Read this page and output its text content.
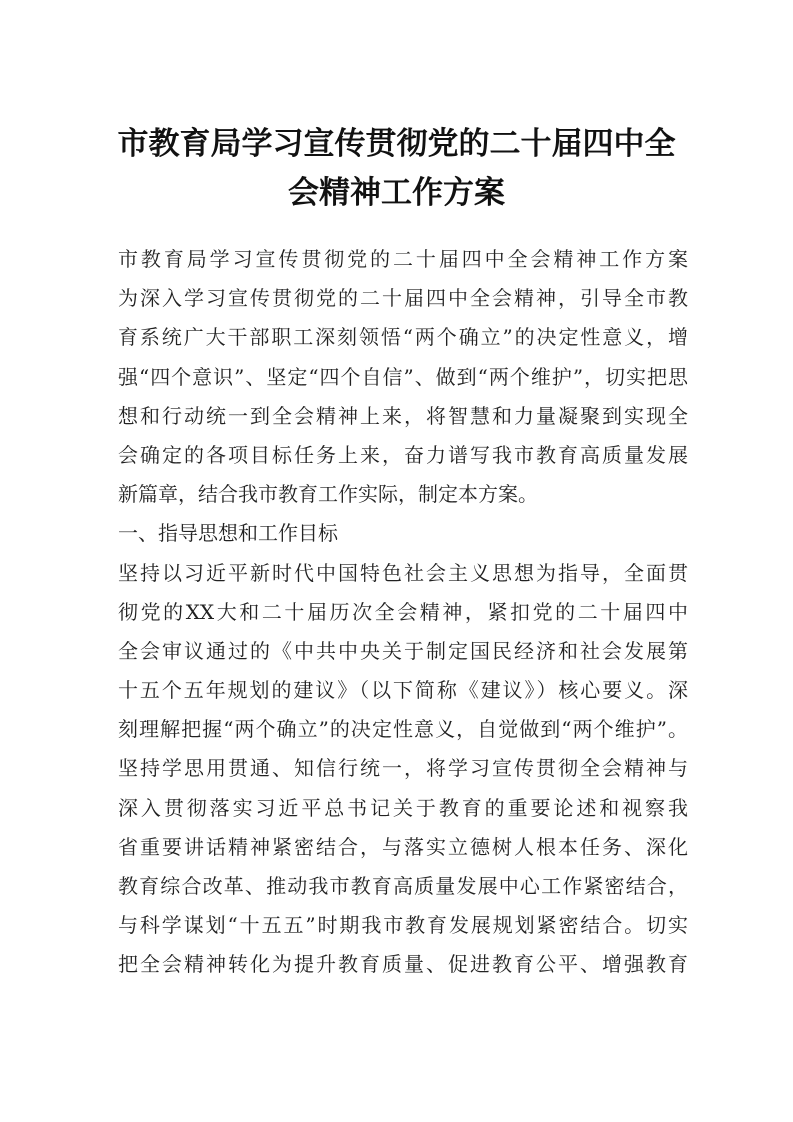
市教育局学习宣传贯彻党的二十届四中全
会精神工作方案
市教育局学习宣传贯彻党的二十届四中全会精神工作方案
为深入学习宣传贯彻党的二十届四中全会精神，引导全市教
育系统广大干部职工深刻领悟“两个确立”的决定性意义，增
强“四个意识”、坚定“四个自信”、做到“两个维护”，切实把思
想和行动统一到全会精神上来，将智慧和力量凝聚到实现全
会确定的各项目标任务上来，奋力谱写我市教育高质量发展
新篇章，结合我市教育工作实际，制定本方案。
一、指导思想和工作目标
坚持以习近平新时代中国特色社会主义思想为指导，全面贯
彻党的XX大和二十届历次全会精神，紧扣党的二十届四中
全会审议通过的《中共中央关于制定国民经济和社会发展第
十五个五年规划的建议》（以下简称《建议》）核心要义。深
刻理解把握“两个确立”的决定性意义，自觉做到“两个维护”。
坚持学思用贯通、知信行统一，将学习宣传贯彻全会精神与
深入贯彻落实习近平总书记关于教育的重要论述和视察我
省重要讲话精神紧密结合，与落实立德树人根本任务、深化
教育综合改革、推动我市教育高质量发展中心工作紧密结合，
与科学谋划“十五五”时期我市教育发展规划紧密结合。切实
把全会精神转化为提升教育质量、促进教育公平、增强教育
